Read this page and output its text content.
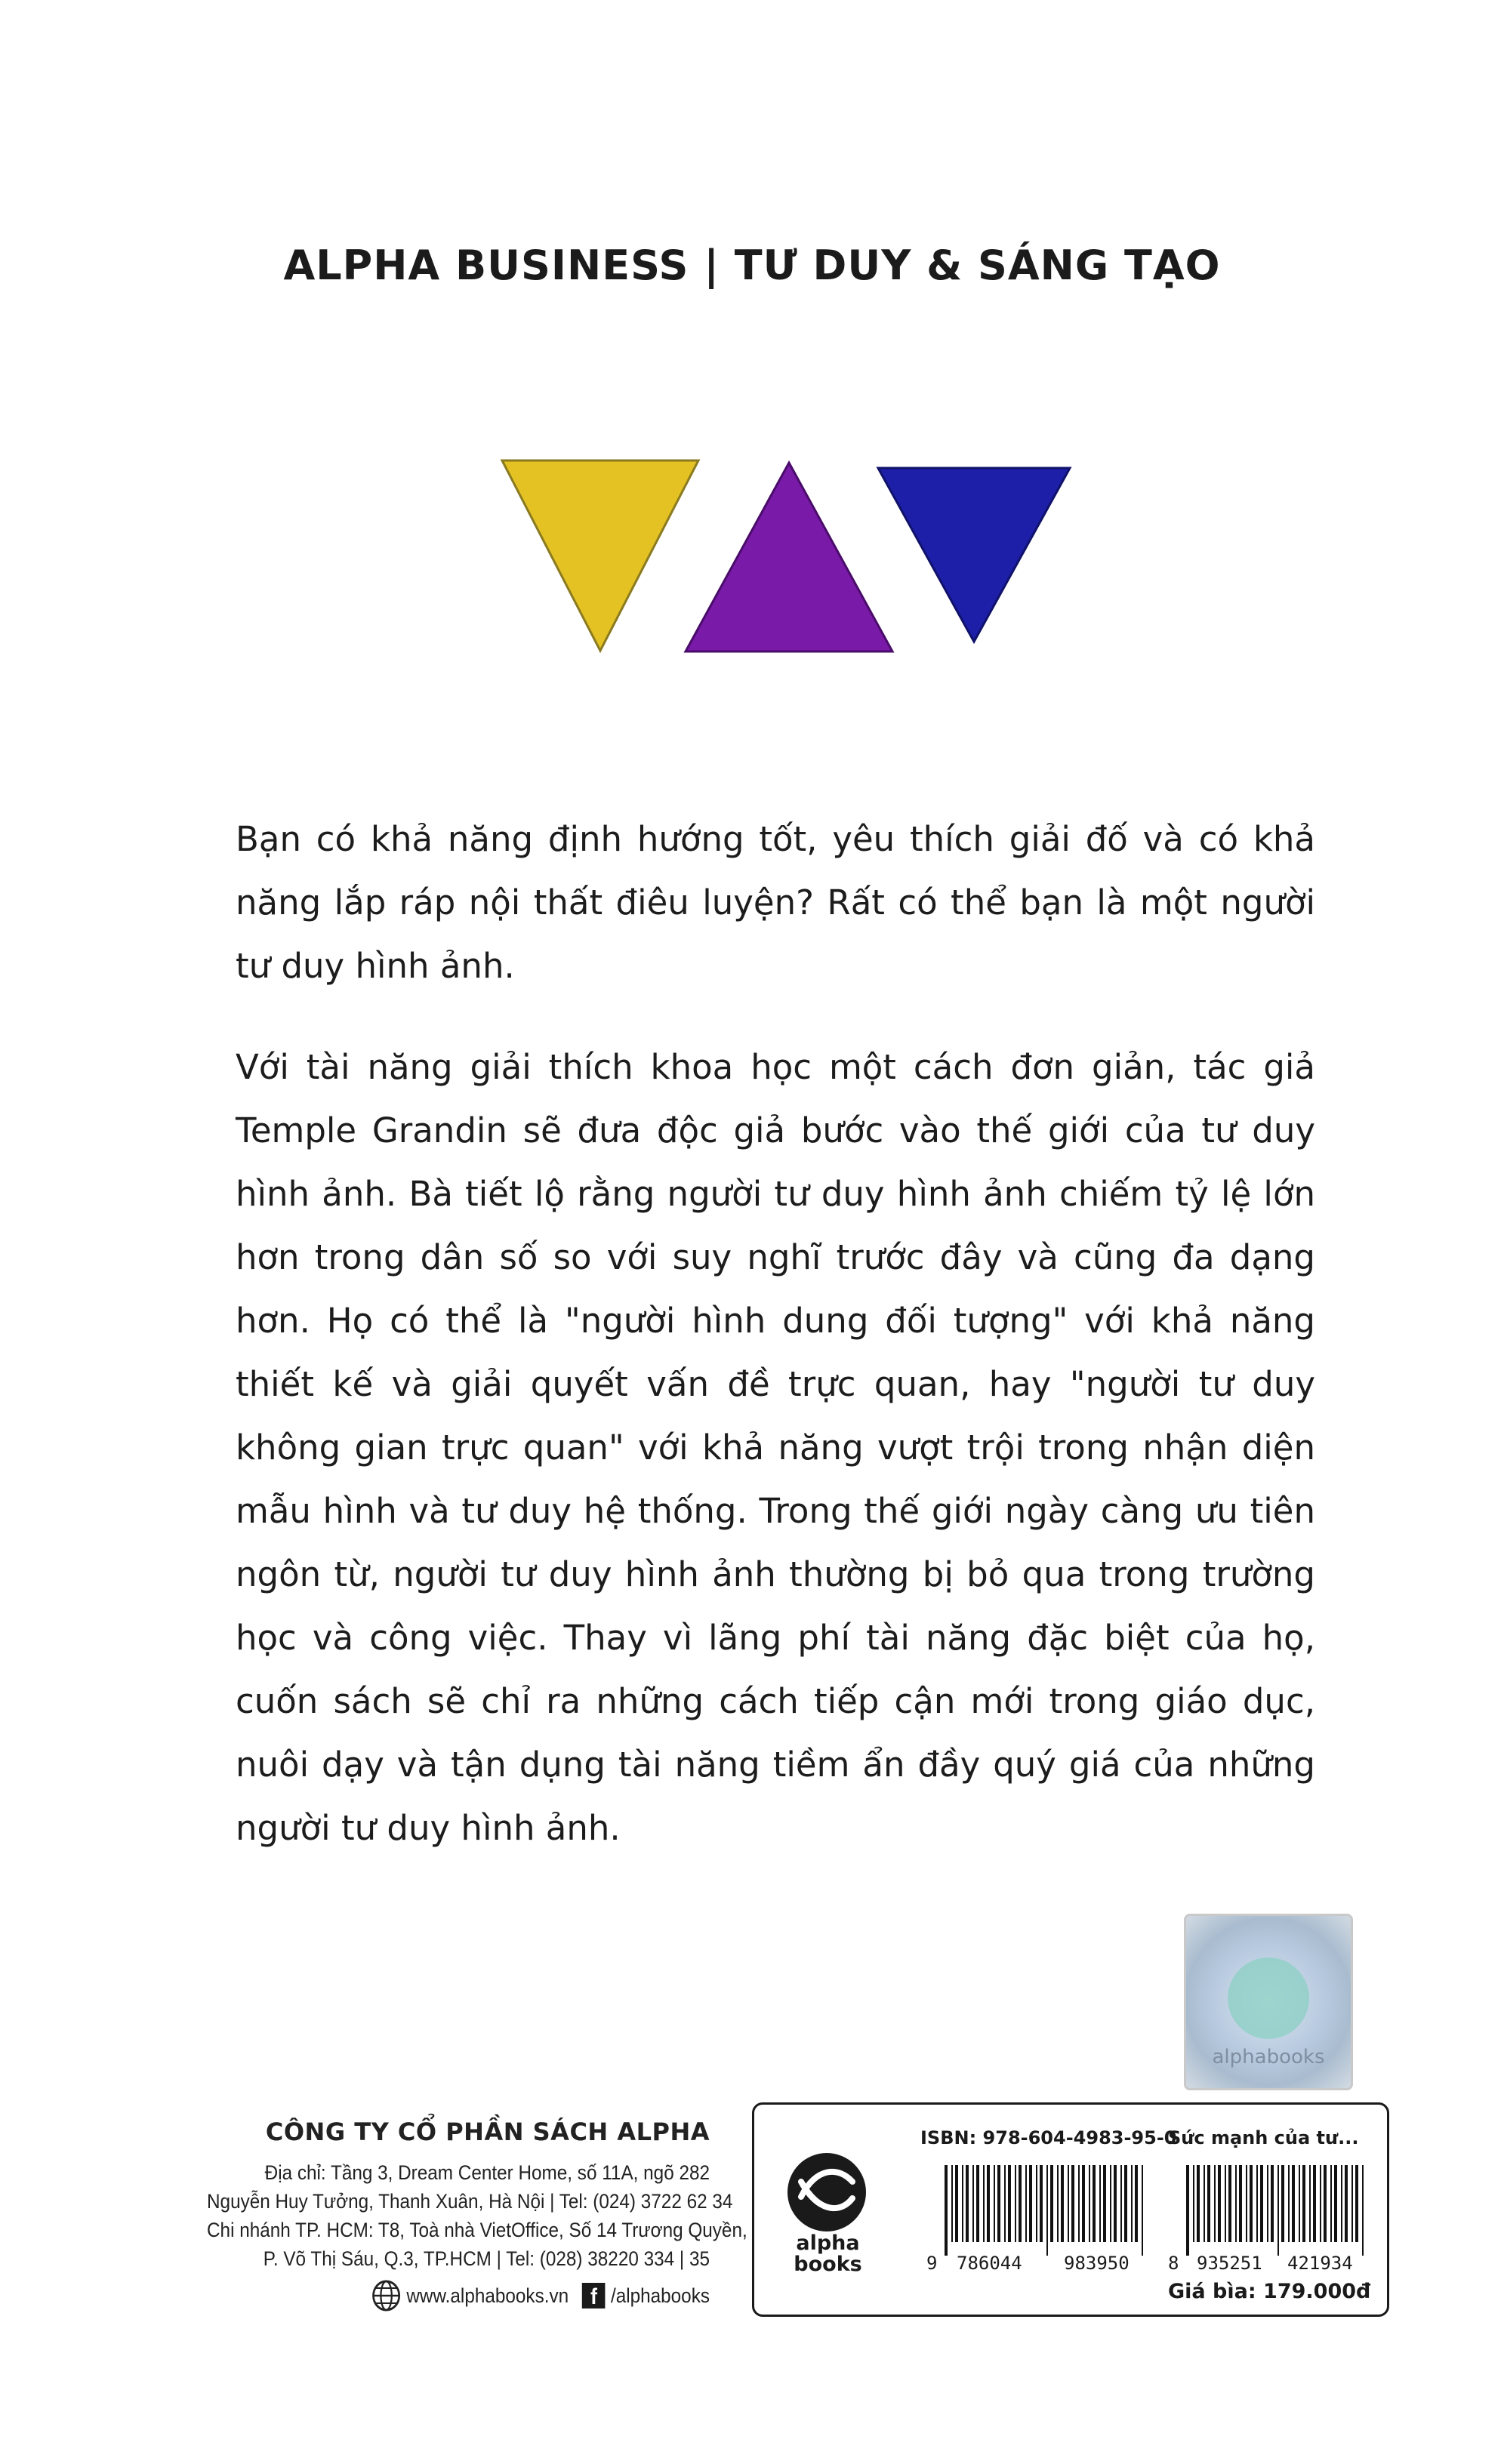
ALPHA BUSINESS | TƯ DUY & SÁNG TẠO

Bạn có khả năng định hướng tốt, yêu thích giải đố và có khả năng lắp ráp nội thất điêu luyện? Rất có thể bạn là một người tư duy hình ảnh.

Với tài năng giải thích khoa học một cách đơn giản, tác giả Temple Grandin sẽ đưa độc giả bước vào thế giới của tư duy hình ảnh. Bà tiết lộ rằng người tư duy hình ảnh chiếm tỷ lệ lớn hơn trong dân số so với suy nghĩ trước đây và cũng đa dạng hơn. Họ có thể là "người hình dung đối tượng" với khả năng thiết kế và giải quyết vấn đề trực quan, hay "người tư duy không gian trực quan" với khả năng vượt trội trong nhận diện mẫu hình và tư duy hệ thống. Trong thế giới ngày càng ưu tiên ngôn từ, người tư duy hình ảnh thường bị bỏ qua trong trường học và công việc. Thay vì lãng phí tài năng đặc biệt của họ, cuốn sách sẽ chỉ ra những cách tiếp cận mới trong giáo dục, nuôi dạy và tận dụng tài năng tiềm ẩn đầy quý giá của những người tư duy hình ảnh.

alphabooks
CÔNG TY CỔ PHẦN SÁCH ALPHA
Địa chỉ: Tầng 3, Dream Center Home, số 11A, ngõ 282
Nguyễn Huy Tưởng, Thanh Xuân, Hà Nội | Tel: (024) 3722 62 34
Chi nhánh TP. HCM: T8, Toà nhà VietOffice, Số 14 Trương Quyền,
P. Võ Thị Sáu, Q.3, TP.HCM | Tel: (028) 38220 334 | 35
www.alphabooks.vn f /alphabooks
alpha books
ISBN: 978-604-4983-95-0
9 786044 983950
Sức mạnh của tư...
8 935251 421934
Giá bìa: 179.000đ
